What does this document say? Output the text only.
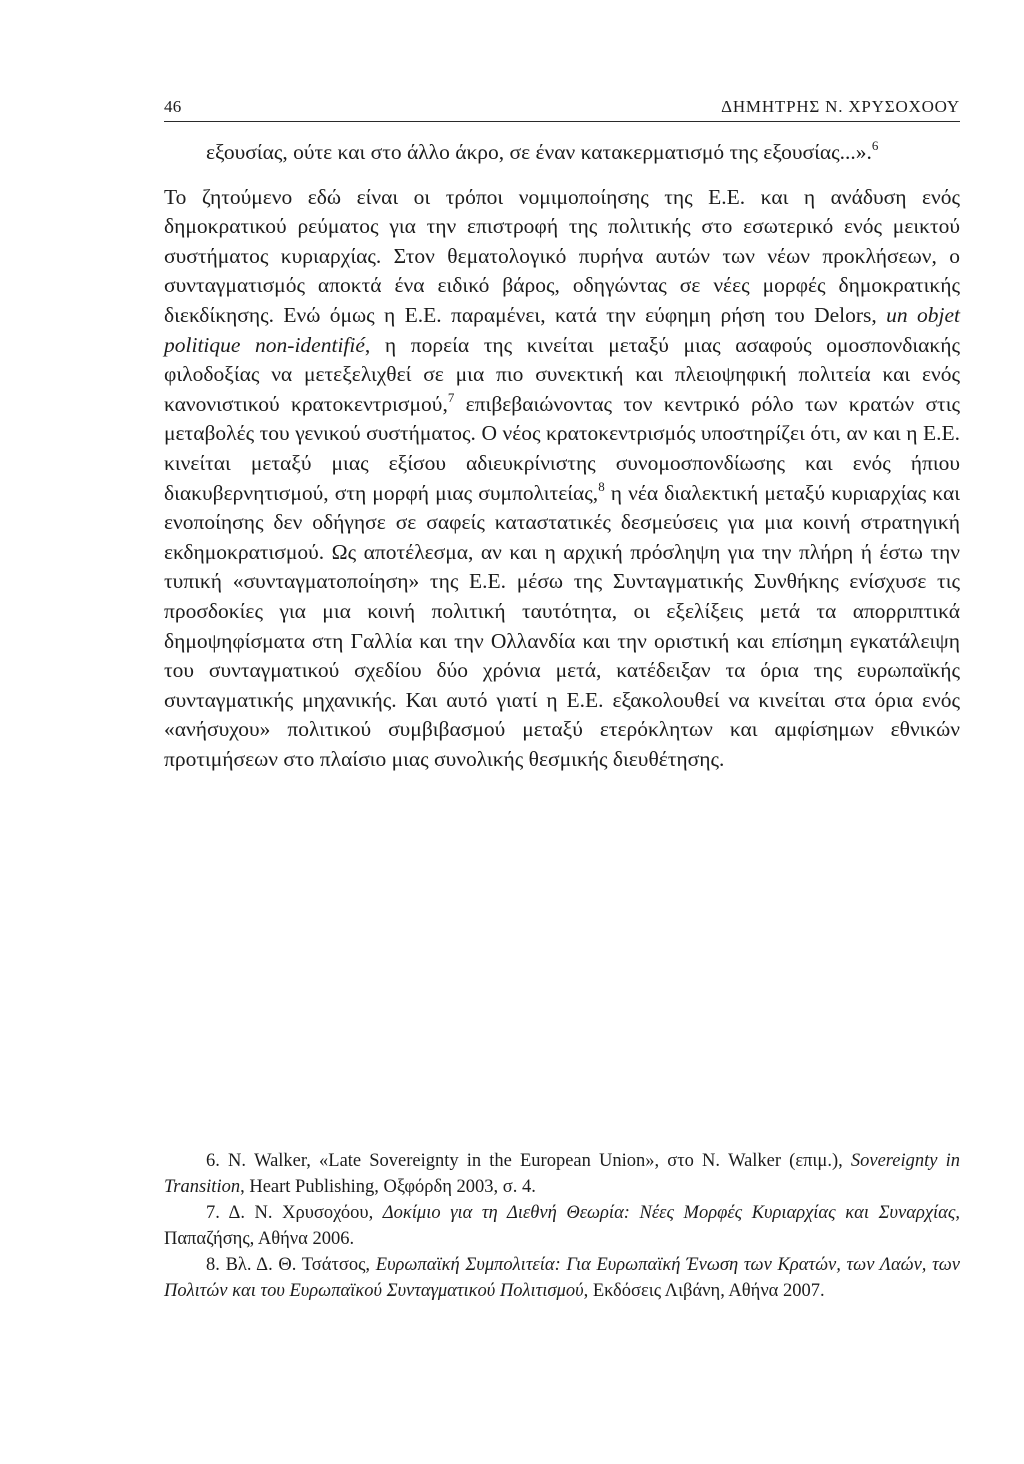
46	ΔΗΜΗΤΡΗΣ Ν. ΧΡΥΣΟΧΟΟΥ

εξουσίας, ούτε και στο άλλο άκρο, σε έναν κατακερματισμό της εξουσίας...».$^6$

Το ζητούμενο εδώ είναι οι τρόποι νομιμοποίησης της Ε.Ε. και η ανάδυση ενός δημοκρατικού ρεύματος για την επιστροφή της πολιτικής στο εσωτερικό ενός μεικτού συστήματος κυριαρχίας. Στον θεματολογικό πυρήνα αυτών των νέων προκλήσεων, ο συνταγματισμός αποκτά ένα ειδικό βάρος, οδηγώντας σε νέες μορφές δημοκρατικής διεκδίκησης. Ενώ όμως η Ε.Ε. παραμένει, κατά την εύφημη ρήση του Delors, un objet politique non-identifié, η πορεία της κινείται μεταξύ μιας ασαφούς ομοσπονδιακής φιλοδοξίας να μετεξελιχθεί σε μια πιο συνεκτική και πλειοψηφική πολιτεία και ενός κανονιστικού κρατοκεντρισμού,$^7$ επιβεβαιώνοντας τον κεντρικό ρόλο των κρατών στις μεταβολές του γενικού συστήματος. Ο νέος κρατοκεντρισμός υποστηρίζει ότι, αν και η Ε.Ε. κινείται μεταξύ μιας εξίσου αδιευκρίνιστης συνομοσπονδίωσης και ενός ήπιου διακυβερνητισμού, στη μορφή μιας συμπολιτείας,$^8$ η νέα διαλεκτική μεταξύ κυριαρχίας και ενοποίησης δεν οδήγησε σε σαφείς καταστατικές δεσμεύσεις για μια κοινή στρατηγική εκδημοκρατισμού. Ως αποτέλεσμα, αν και η αρχική πρόσληψη για την πλήρη ή έστω την τυπική «συνταγματοποίηση» της Ε.Ε. μέσω της Συνταγματικής Συνθήκης ενίσχυσε τις προσδοκίες για μια κοινή πολιτική ταυτότητα, οι εξελίξεις μετά τα απορριπτικά δημοψηφίσματα στη Γαλλία και την Ολλανδία και την οριστική και επίσημη εγκατάλειψη του συνταγματικού σχεδίου δύο χρόνια μετά, κατέδειξαν τα όρια της ευρωπαϊκής συνταγματικής μηχανικής. Και αυτό γιατί η Ε.Ε. εξακολουθεί να κινείται στα όρια ενός «ανήσυχου» πολιτικού συμβιβασμού μεταξύ ετερόκλητων και αμφίσημων εθνικών προτιμήσεων στο πλαίσιο μιας συνολικής θεσμικής διευθέτησης.

6. Ν. Walker, «Late Sovereignty in the European Union», στο Ν. Walker (επιμ.), Sovereignty in Transition, Heart Publishing, Οξφόρδη 2003, σ. 4.

7. Δ. Ν. Χρυσοχόου, Δοκίμιο για τη Διεθνή Θεωρία: Νέες Μορφές Κυριαρχίας και Συναρχίας, Παπαζήσης, Αθήνα 2006.

8. Βλ. Δ. Θ. Τσάτσος, Ευρωπαϊκή Συμπολιτεία: Για Ευρωπαϊκή Ένωση των Κρατών, των Λαών, των Πολιτών και του Ευρωπαϊκού Συνταγματικού Πολιτισμού, Εκδόσεις Λιβάνη, Αθήνα 2007.
